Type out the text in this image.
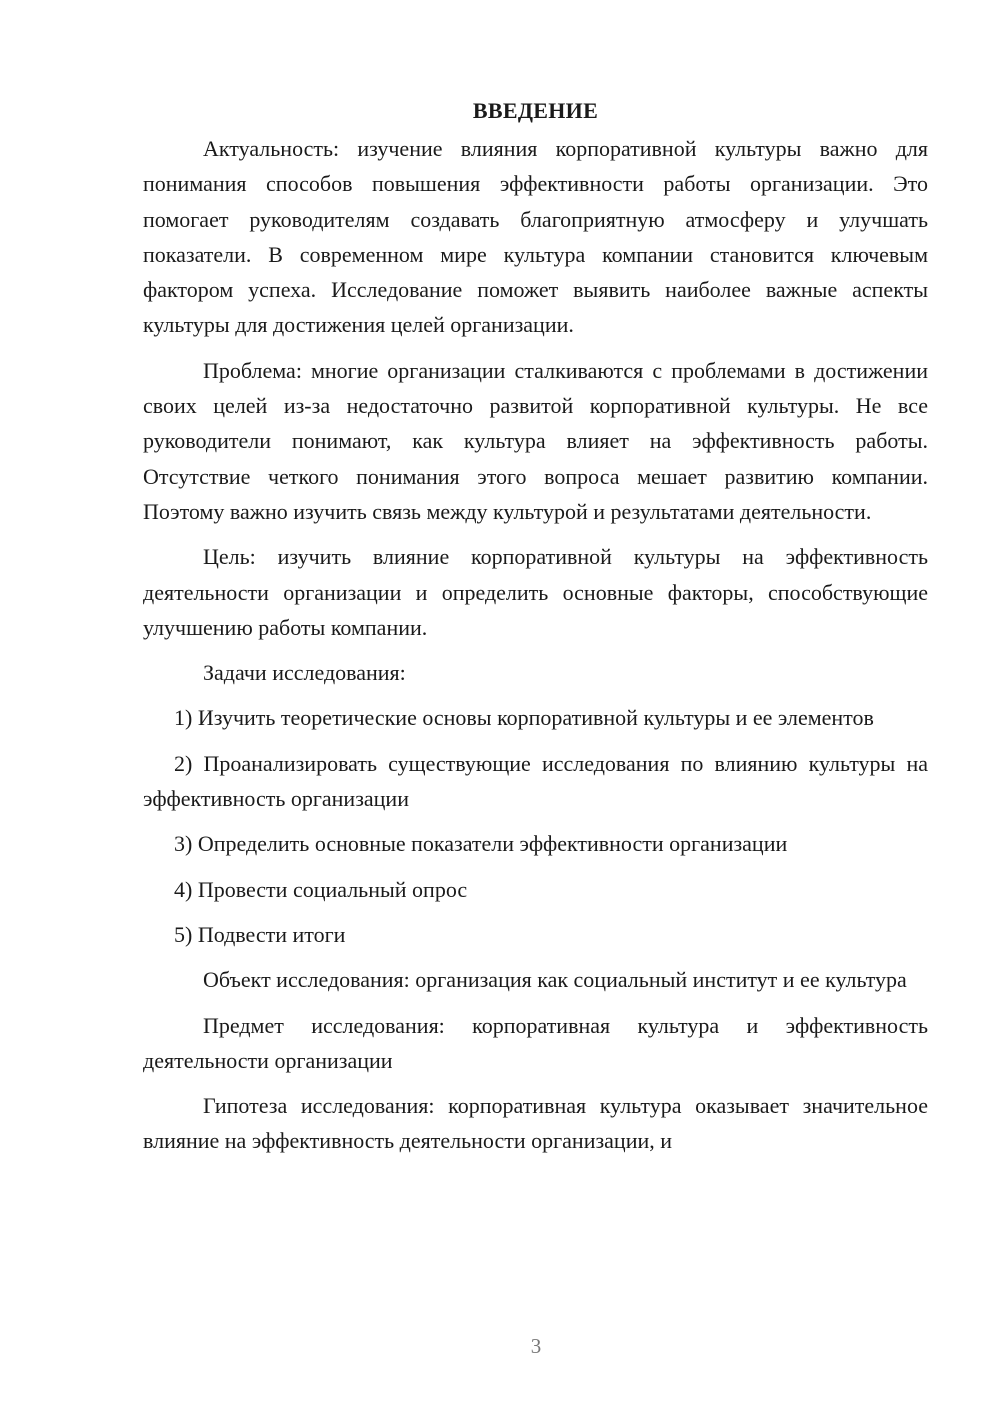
ВВЕДЕНИЕ

Актуальность: изучение влияния корпоративной культуры важно для понимания способов повышения эффективности работы организации. Это помогает руководителям создавать благоприятную атмосферу и улучшать показатели. В современном мире культура компании становится ключевым фактором успеха. Исследование поможет выявить наиболее важные аспекты культуры для достижения целей организации.

Проблема: многие организации сталкиваются с проблемами в достижении своих целей из-за недостаточно развитой корпоративной культуры. Не все руководители понимают, как культура влияет на эффективность работы. Отсутствие четкого понимания этого вопроса мешает развитию компании. Поэтому важно изучить связь между культурой и результатами деятельности.

Цель: изучить влияние корпоративной культуры на эффективность деятельности организации и определить основные факторы, способствующие улучшению работы компании.

Задачи исследования:

1) Изучить теоретические основы корпоративной культуры и ее элементов

2) Проанализировать существующие исследования по влиянию культуры на эффективность организации

3) Определить основные показатели эффективности организации

4) Провести социальный опрос

5) Подвести итоги

Объект исследования: организация как социальный институт и ее культура

Предмет исследования: корпоративная культура и эффективность деятельности организации

Гипотеза исследования: корпоративная культура оказывает значительное влияние на эффективность деятельности организации, и

3
